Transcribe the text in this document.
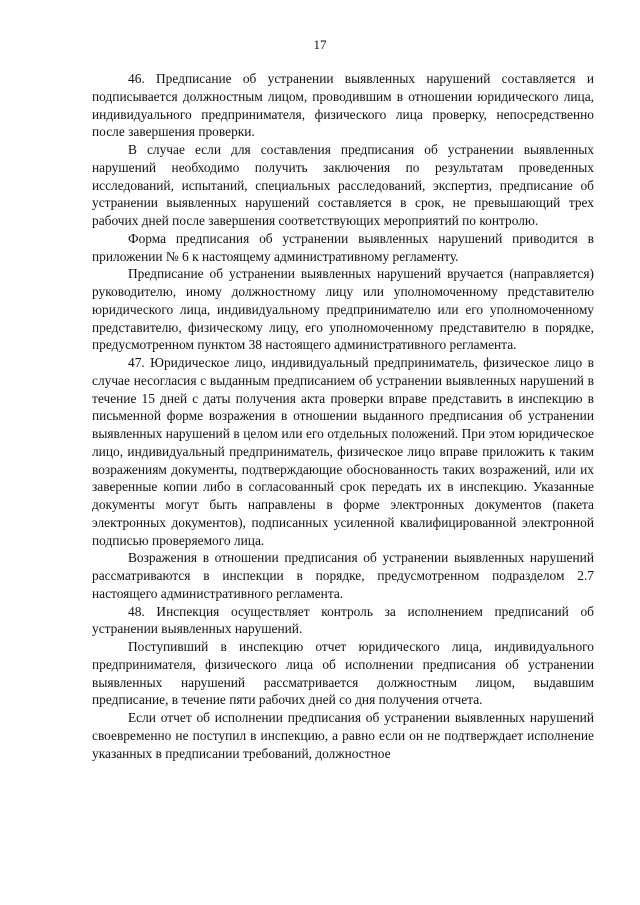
17

46. Предписание об устранении выявленных нарушений составляется и подписывается должностным лицом, проводившим в отношении юридического лица, индивидуального предпринимателя, физического лица проверку, непосредственно после завершения проверки.

В случае если для составления предписания об устранении выявленных нарушений необходимо получить заключения по результатам проведенных исследований, испытаний, специальных расследований, экспертиз, предписание об устранении выявленных нарушений составляется в срок, не превышающий трех рабочих дней после завершения соответствующих мероприятий по контролю.

Форма предписания об устранении выявленных нарушений приводится в приложении № 6 к настоящему административному регламенту.

Предписание об устранении выявленных нарушений вручается (направляется) руководителю, иному должностному лицу или уполномоченному представителю юридического лица, индивидуальному предпринимателю или его уполномоченному представителю, физическому лицу, его уполномоченному представителю в порядке, предусмотренном пунктом 38 настоящего административного регламента.

47. Юридическое лицо, индивидуальный предприниматель, физическое лицо в случае несогласия с выданным предписанием об устранении выявленных нарушений в течение 15 дней с даты получения акта проверки вправе представить в инспекцию в письменной форме возражения в отношении выданного предписания об устранении выявленных нарушений в целом или его отдельных положений. При этом юридическое лицо, индивидуальный предприниматель, физическое лицо вправе приложить к таким возражениям документы, подтверждающие обоснованность таких возражений, или их заверенные копии либо в согласованный срок передать их в инспекцию. Указанные документы могут быть направлены в форме электронных документов (пакета электронных документов), подписанных усиленной квалифицированной электронной подписью проверяемого лица.

Возражения в отношении предписания об устранении выявленных нарушений рассматриваются в инспекции в порядке, предусмотренном подразделом 2.7 настоящего административного регламента.

48. Инспекция осуществляет контроль за исполнением предписаний об устранении выявленных нарушений.

Поступивший в инспекцию отчет юридического лица, индивидуального предпринимателя, физического лица об исполнении предписания об устранении выявленных нарушений рассматривается должностным лицом, выдавшим предписание, в течение пяти рабочих дней со дня получения отчета.

Если отчет об исполнении предписания об устранении выявленных нарушений своевременно не поступил в инспекцию, а равно если он не подтверждает исполнение указанных в предписании требований, должностное
